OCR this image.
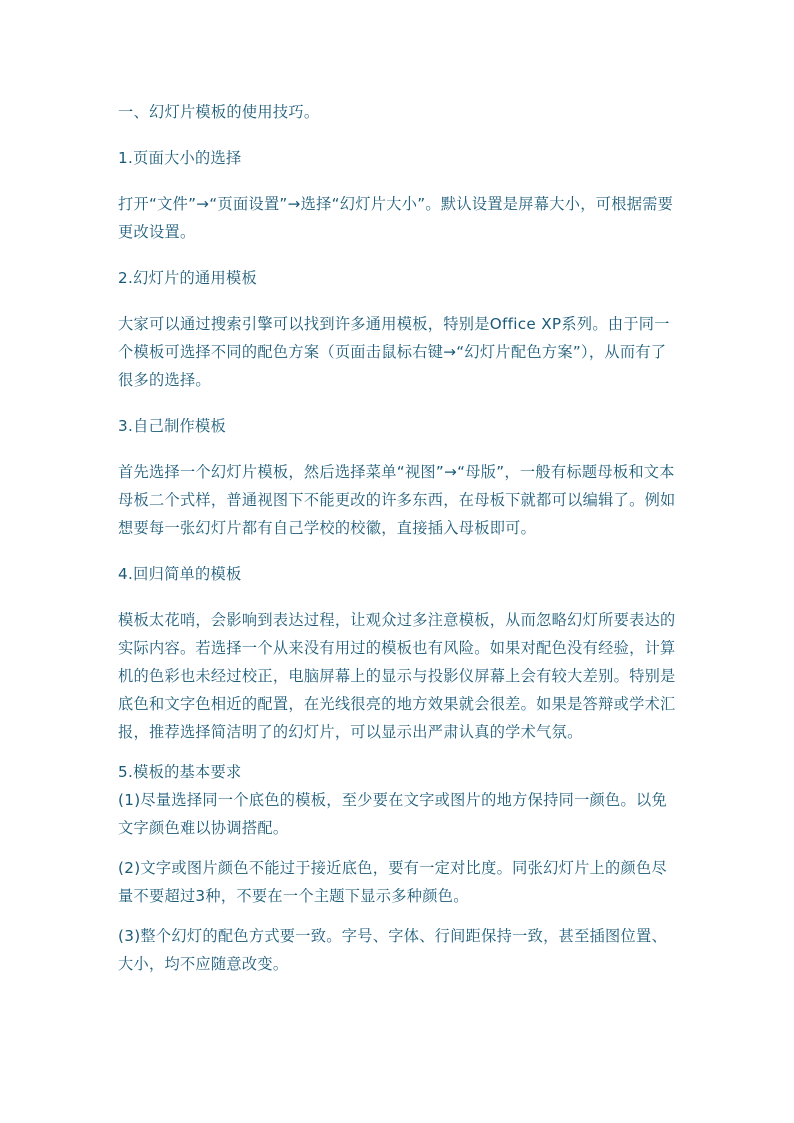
一、幻灯片模板的使用技巧。

1.页面大小的选择

打开“文件”→“页面设置”→选择“幻灯片大小”。默认设置是屏幕大小，可根据需要更改设置。

2.幻灯片的通用模板

大家可以通过搜索引擎可以找到许多通用模板，特别是Office XP系列。由于同一个模板可选择不同的配色方案（页面击鼠标右键→“幻灯片配色方案”），从而有了很多的选择。

3.自己制作模板

首先选择一个幻灯片模板，然后选择菜单“视图”→“母版”，一般有标题母板和文本母板二个式样，普通视图下不能更改的许多东西，在母板下就都可以编辑了。例如想要每一张幻灯片都有自己学校的校徽，直接插入母板即可。

4.回归简单的模板

模板太花哨，会影响到表达过程，让观众过多注意模板，从而忽略幻灯所要表达的实际内容。若选择一个从来没有用过的模板也有风险。如果对配色没有经验，计算机的色彩也未经过校正，电脑屏幕上的显示与投影仪屏幕上会有较大差别。特别是底色和文字色相近的配置，在光线很亮的地方效果就会很差。如果是答辩或学术汇报，推荐选择简洁明了的幻灯片，可以显示出严肃认真的学术气氛。

5.模板的基本要求

(1)尽量选择同一个底色的模板，至少要在文字或图片的地方保持同一颜色。以免文字颜色难以协调搭配。

(2)文字或图片颜色不能过于接近底色，要有一定对比度。同张幻灯片上的颜色尽量不要超过3种，不要在一个主题下显示多种颜色。

(3)整个幻灯的配色方式要一致。字号、字体、行间距保持一致，甚至插图位置、大小，均不应随意改变。
